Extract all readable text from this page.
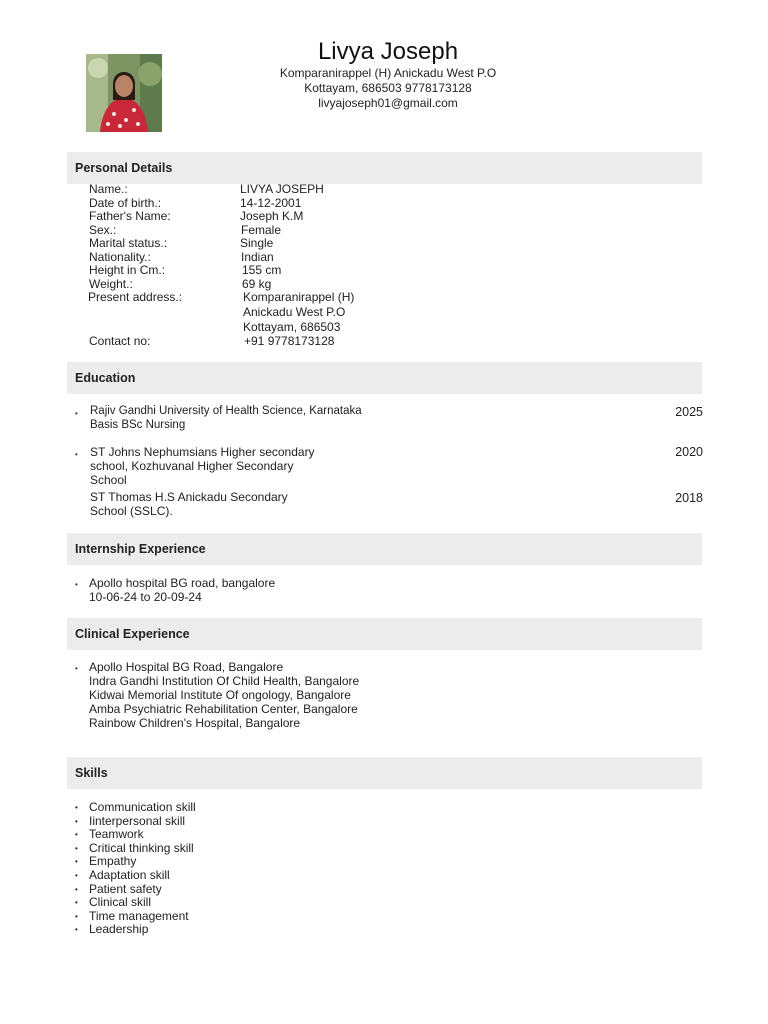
Livya Joseph
Komparanirappel (H) Anickadu West P.O
Kottayam, 686503 9778173128
livyajoseph01@gmail.com
Personal Details
Name.:	LIVYA JOSEPH
Date of birth.:	14-12-2001
Father's Name:	Joseph K.M
Sex.:	Female
Marital status.:	Single
Nationality.:	Indian
Height in Cm.:	155 cm
Weight.:	69 kg
Present address.:	Komparanirappel (H)
Anickadu West P.O
Kottayam, 686503
Contact no:	+91 9778173128
Education
• Rajiv Gandhi University of Health Science, Karnataka
Basis BSc Nursing
2025
• ST Johns Nephumsians Higher secondary
school, Kozhuvanal Higher Secondary
School
2020
ST Thomas H.S Anickadu Secondary
School (SSLC).
2018
Internship Experience
• Apollo hospital BG road, bangalore
10-06-24 to 20-09-24
Clinical Experience
• Apollo Hospital BG Road, Bangalore
Indra Gandhi Institution Of Child Health, Bangalore
Kidwai Memorial Institute Of ongology, Bangalore
Amba Psychiatric Rehabilitation Center, Bangalore
Rainbow Children's Hospital, Bangalore
Skills
• Communication skill
• Iinterpersonal skill
• Teamwork
• Critical thinking skill
• Empathy
• Adaptation skill
• Patient safety
• Clinical skill
• Time management
• Leadership
